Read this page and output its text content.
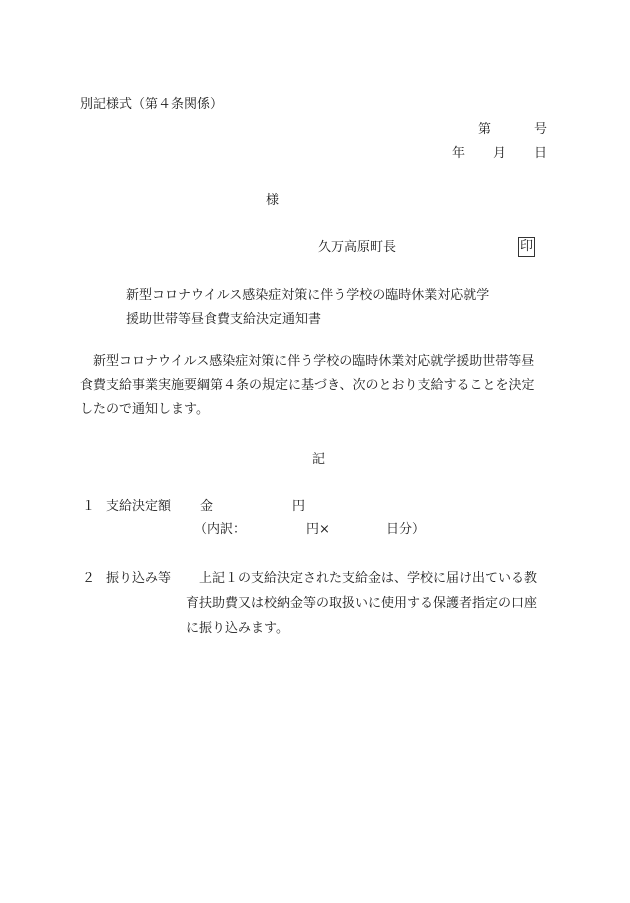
別記様式（第４条関係）
第	号
年 月 日
様
久万高原町長	印
新型コロナウイルス感染症対策に伴う学校の臨時休業対応就学
援助世帯等昼食費支給決定通知書
　新型コロナウイルス感染症対策に伴う学校の臨時休業対応就学援助世帯等昼
食費支給事業実施要綱第４条の規定に基づき、次のとおり支給することを決定
したので通知します。
記
１ 支給決定額 金	円
（内訳：	円×	日分）
２ 振り込み等	上記１の支給決定された支給金は、学校に届け出ている教
育扶助費又は校納金等の取扱いに使用する保護者指定の口座
に振り込みます。
